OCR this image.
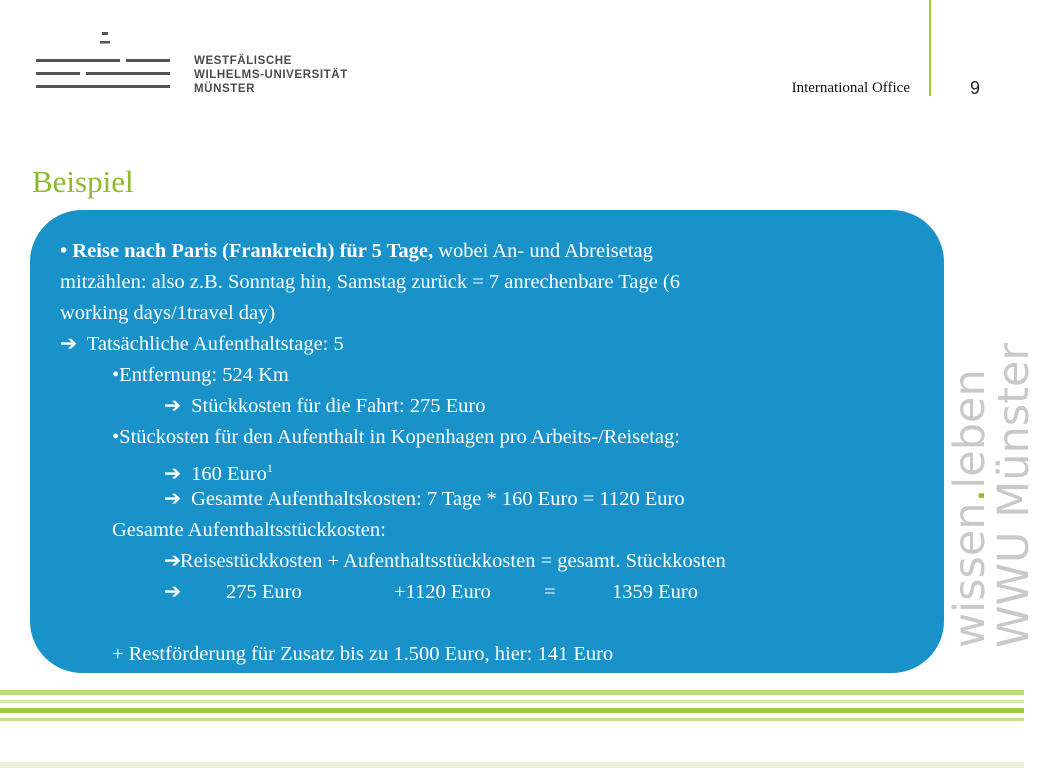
WESTFÄLISCHE
WILHELMS-UNIVERSITÄT
MÜNSTER	International Office	9
Beispiel
• Reise nach Paris (Frankreich) für 5 Tage, wobei An- und Abreisetag
mitzählen: also z.B. Sonntag hin, Samstag zurück = 7 anrechenbare Tage (6
working days/1travel day)
➔ Tatsächliche Aufenthaltstage: 5
•Entfernung: 524 Km
➔ Stückkosten für die Fahrt: 275 Euro
•Stückosten für den Aufenthalt in Kopenhagen pro Arbeits-/Reisetag:
➔ 160 Euro$^1$
➔ Gesamte Aufenthaltskosten: 7 Tage * 160 Euro = 1120 Euro
Gesamte Aufenthaltsstückkosten:
➔Reisestückkosten + Aufenthaltsstückkosten = gesamt. Stückkosten
➔ 275 Euro	+1120 Euro	=	1359 Euro
+ Restförderung für Zusatz bis zu 1.500 Euro, hier: 141 Euro
wissen.leben
WWU Münster
